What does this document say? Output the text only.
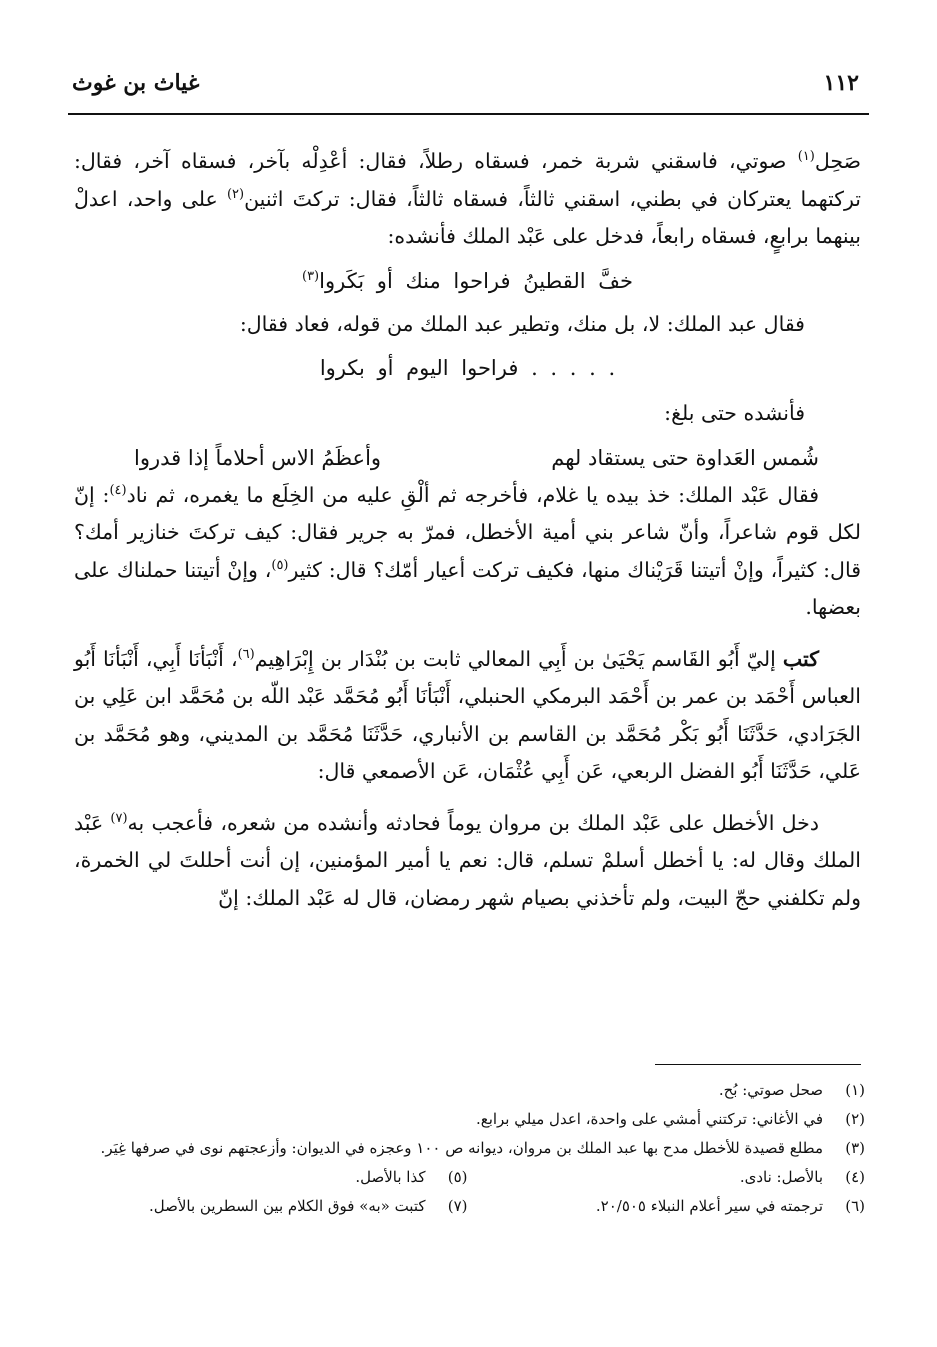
١١٢
غياث بن غوث

صَحِل$^{(١)}$ صوتي، فاسقني شربة خمر، فسقاه رطلاً، فقال: أعْدِلْه بآخر، فسقاه آخر، فقال: تركتهما يعتركان في بطني، اسقني ثالثاً، فسقاه ثالثاً، فقال: تركتَ اثنين$^{(٢)}$ على واحد، اعدلْ بينهما برابعٍ، فسقاه رابعاً، فدخل على عَبْد الملك فأنشده:

خفَّ القطينُ فراحوا منك أو بَكَروا$^{(٣)}$

فقال عبد الملك: لا، بل منك، وتطير عبد الملك من قوله، فعاد فقال:

. . . . . فراحوا اليوم أو بكروا

فأنشده حتى بلغ:

شُمس العَداوة حتى يستقاد لهم
وأعظَمُ الاس أحلاماً إذا قدروا

فقال عَبْد الملك: خذ بيده يا غلام، فأخرجه ثم ألْقِ عليه من الخِلَع ما يغمره، ثم ناد$^{(٤)}$: إنّ لكل قوم شاعراً، وأنّ شاعر بني أمية الأخطل، فمرّ به جرير فقال: كيف تركتَ خنازير أمك؟ قال: كثيراً، وإنْ أتيتنا قَرَيْناك منها، فكيف تركت أعيار أمّك؟ قال: كثير$^{(٥)}$، وإنْ أتيتنا حملناك على بعضها.

كتب إليّ أَبُو القَاسم يَحْيَىٰ بن أَبِي المعالي ثابت بن بُنْدَار بن إِبْرَاهِيم$^{(٦)}$، أَنْبَأنَا أَبِي، أَنْبَأنَا أَبُو العباس أَحْمَد بن عمر بن أَحْمَد البرمكي الحنبلي، أَنْبَأنَا أَبُو مُحَمَّد عَبْد اللّه بن مُحَمَّد ابن عَلِي بن الجَرَادي، حَدَّثَنَا أَبُو بَكْر مُحَمَّد بن القاسم بن الأنباري، حَدَّثَنَا مُحَمَّد بن المديني، وهو مُحَمَّد بن عَلي، حَدَّثَنَا أَبُو الفضل الربعي، عَن أَبِي عُثْمَان، عَن الأصمعي قال:

دخل الأخطل على عَبْد الملك بن مروان يوماً فحادثه وأنشده من شعره، فأعجب به$^{(٧)}$ عَبْد الملك وقال له: يا أخطل أسلمْ تسلم، قال: نعم يا أمير المؤمنين، إن أنت أحللتَ لي الخمرة، ولم تكلفني حجّ البيت، ولم تأخذني بصيام شهر رمضان، قال له عَبْد الملك: إنّ

(١)
صحل صوتي: بُح.
(٢)
في الأغاني: تركتني أمشي على واحدة، اعدل ميلي برابع.
(٣)
مطلع قصيدة للأخطل مدح بها عبد الملك بن مروان، ديوانه ص ١٠٠ وعجزه في الديوان: وأزعجتهم نوى في صرفها غِيَر.
(٤)
بالأصل: نادى.
(٥)
كذا بالأصل.
(٦)
ترجمته في سير أعلام النبلاء ٢٠/٥٠٥.
(٧)
كتبت «به» فوق الكلام بين السطرين بالأصل.
